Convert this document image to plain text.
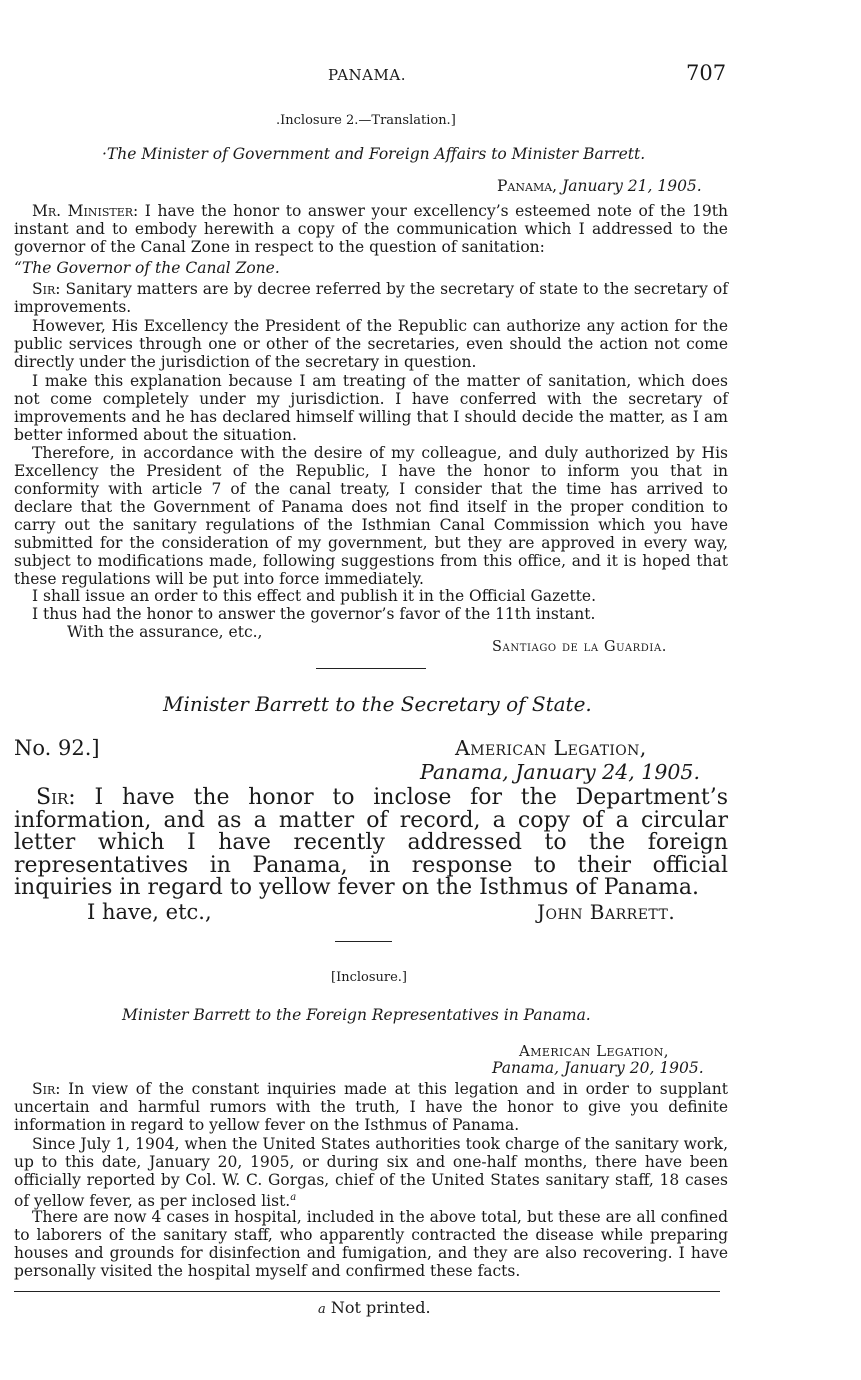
PANAMA.	707
.Inclosure 2.—Translation.]
·The Minister of Government and Foreign Affairs to Minister Barrett.
Panama, January 21, 1905.
Mr. Minister: I have the honor to answer your excellency’s esteemed note of the 19th instant and to embody herewith a copy of the communication which I addressed to the governor of the Canal Zone in respect to the question of sanitation:
“The Governor of the Canal Zone.
Sir: Sanitary matters are by decree referred by the secretary of state to the secretary of improvements.
However, His Excellency the President of the Republic can authorize any action for the public services through one or other of the secretaries, even should the action not come directly under the jurisdiction of the secretary in question.
I make this explanation because I am treating of the matter of sanitation, which does not come completely under my jurisdiction. I have conferred with the secretary of improvements and he has declared himself willing that I should decide the matter, as I am better informed about the situation.
Therefore, in accordance with the desire of my colleague, and duly authorized by His Excellency the President of the Republic, I have the honor to inform you that in conformity with article 7 of the canal treaty, I consider that the time has arrived to declare that the Government of Panama does not find itself in the proper condition to carry out the sanitary regulations of the Isthmian Canal Commission which you have submitted for the consideration of my government, but they are approved in every way, subject to modifications made, following suggestions from this office, and it is hoped that these regulations will be put into force immediately.
I shall issue an order to this effect and publish it in the Official Gazette.
I thus had the honor to answer the governor’s favor of the 11th instant.
With the assurance, etc.,
Santiago de la Guardia.
Minister Barrett to the Secretary of State.
No. 92.]	American Legation,
Panama, January 24, 1905.
Sir: I have the honor to inclose for the Department’s information, and as a matter of record, a copy of a circular letter which I have recently addressed to the foreign representatives in Panama, in response to their official inquiries in regard to yellow fever on the Isthmus of Panama.
I have, etc.,	John Barrett.
[Inclosure.]
Minister Barrett to the Foreign Representatives in Panama.
American Legation,
Panama, January 20, 1905.
Sir: In view of the constant inquiries made at this legation and in order to supplant uncertain and harmful rumors with the truth, I have the honor to give you definite information in regard to yellow fever on the Isthmus of Panama.
Since July 1, 1904, when the United States authorities took charge of the sanitary work, up to this date, January 20, 1905, or during six and one-half months, there have been officially reported by Col. W. C. Gorgas, chief of the United States sanitary staff, 18 cases of yellow fever, as per inclosed list.$^a$
There are now 4 cases in hospital, included in the above total, but these are all confined to laborers of the sanitary staff, who apparently contracted the disease while preparing houses and grounds for disinfection and fumigation, and they are also recovering. I have personally visited the hospital myself and confirmed these facts.
a Not printed.
